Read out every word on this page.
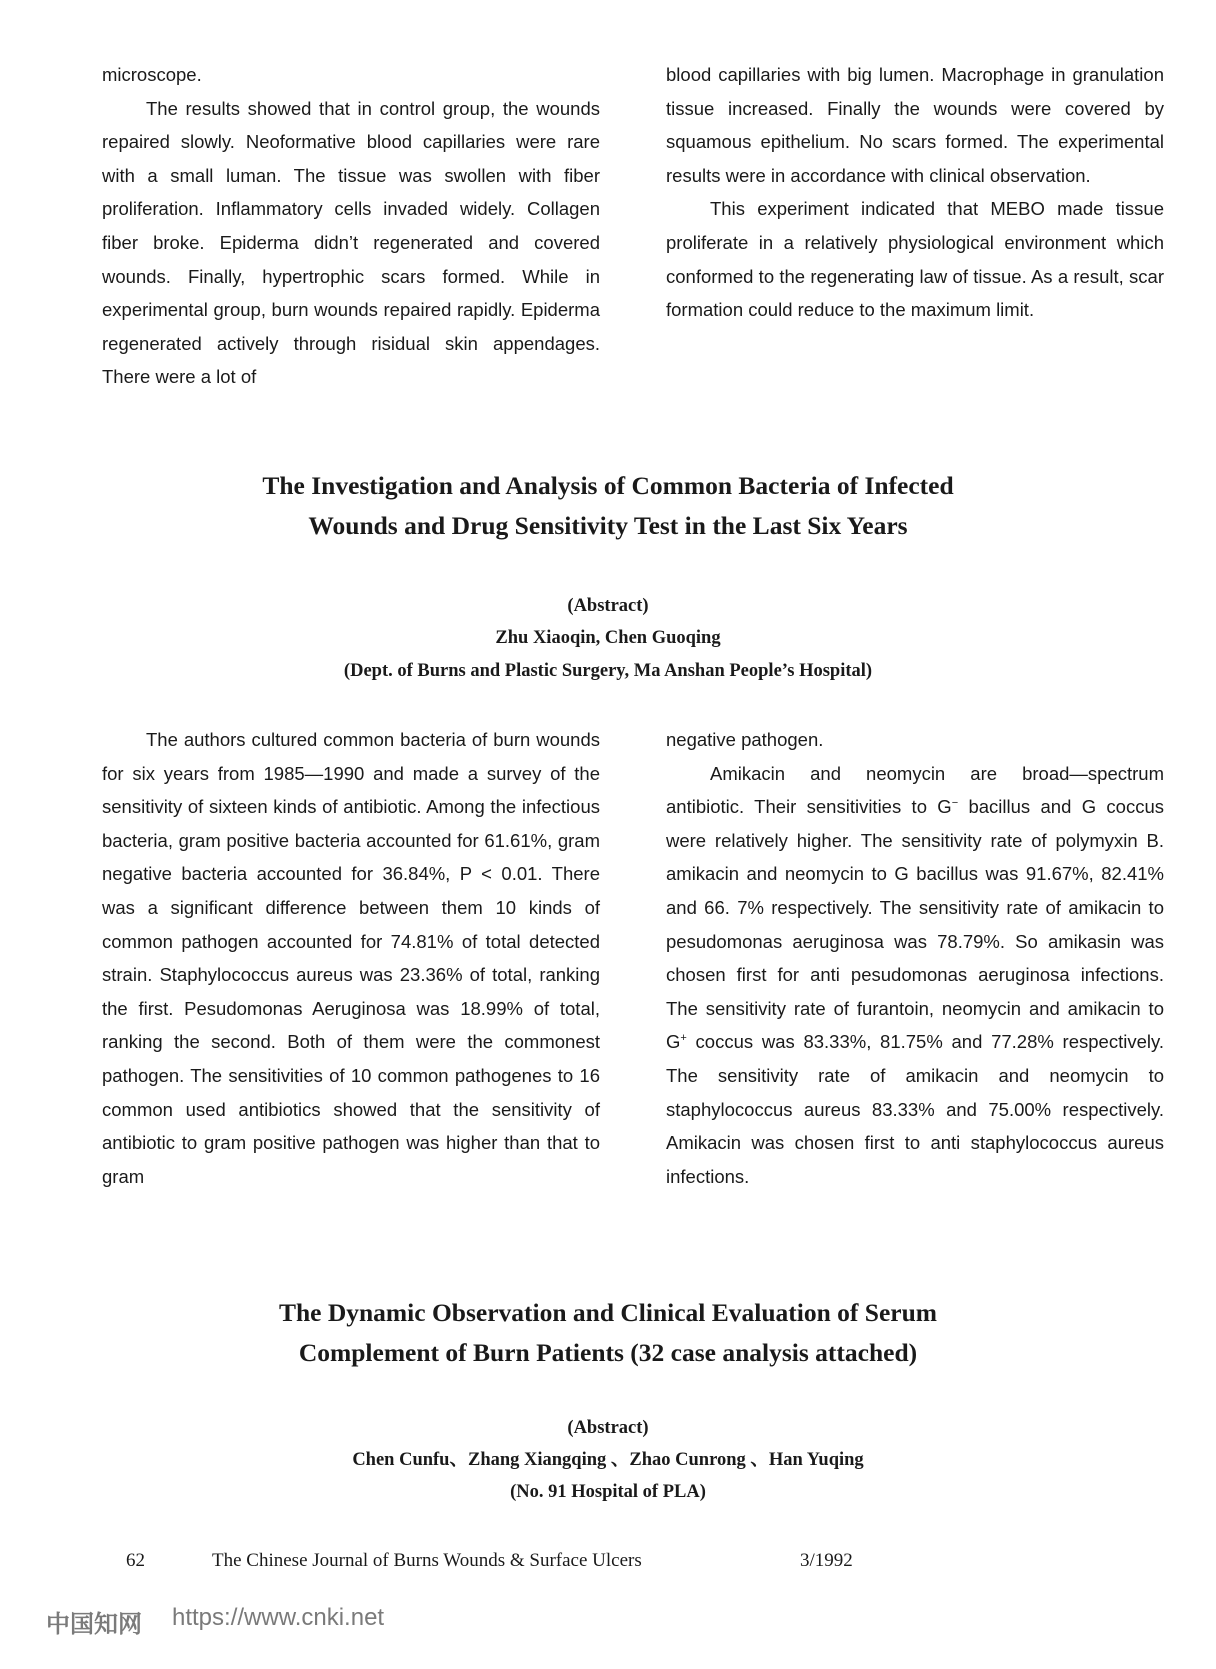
microscope.

The results showed that in control group, the wounds repaired slowly. Neoformative blood capillaries were rare with a small luman. The tissue was swollen with fiber proliferation. Inflammatory cells invaded widely. Collagen fiber broke. Epiderma didn’t regenerated and covered wounds. Finally, hypertrophic scars formed. While in experimental group, burn wounds repaired rapidly. Epiderma regenerated actively through risidual skin appendages. There were a lot of

blood capillaries with big lumen. Macrophage in granulation tissue increased. Finally the wounds were covered by squamous epithelium. No scars formed. The experimental results were in accordance with clinical observation.

This experiment indicated that MEBO made tissue proliferate in a relatively physiological environment which conformed to the regenerating law of tissue. As a result, scar formation could reduce to the maximum limit.

The Investigation and Analysis of Common Bacteria of Infected
Wounds and Drug Sensitivity Test in the Last Six Years
(Abstract)
Zhu Xiaoqin, Chen Guoqing
(Dept. of Burns and Plastic Surgery, Ma Anshan People’s Hospital)

The authors cultured common bacteria of burn wounds for six years from 1985—1990 and made a survey of the sensitivity of sixteen kinds of antibiotic. Among the infectious bacteria, gram positive bacteria accounted for 61.61%, gram negative bacteria accounted for 36.84%, P < 0.01. There was a significant difference between them 10 kinds of common pathogen accounted for 74.81% of total detected strain. Staphylococcus aureus was 23.36% of total, ranking the first. Pesudomonas Aeruginosa was 18.99% of total, ranking the second. Both of them were the commonest pathogen. The sensitivities of 10 common pathogenes to 16 common used antibiotics showed that the sensitivity of antibiotic to gram positive pathogen was higher than that to gram

negative pathogen.

Amikacin and neomycin are broad—spectrum antibiotic. Their sensitivities to G− bacillus and G coccus were relatively higher. The sensitivity rate of polymyxin B. amikacin and neomycin to G bacillus was 91.67%, 82.41% and 66. 7% respectively. The sensitivity rate of amikacin to pesudomonas aeruginosa was 78.79%. So amikasin was chosen first for anti pesudomonas aeruginosa infections. The sensitivity rate of furantoin, neomycin and amikacin to G+ coccus was 83.33%, 81.75% and 77.28% respectively. The sensitivity rate of amikacin and neomycin to staphylococcus aureus 83.33% and 75.00% respectively. Amikacin was chosen first to anti staphylococcus aureus infections.

The Dynamic Observation and Clinical Evaluation of Serum
Complement of Burn Patients (32 case analysis attached)
(Abstract)
Chen Cunfu、Zhang Xiangqing 、Zhao Cunrong 、Han Yuqing
(No. 91 Hospital of PLA)
62	The Chinese Journal of Burns Wounds & Surface Ulcers	3/1992
中国知网 https://www.cnki.net
